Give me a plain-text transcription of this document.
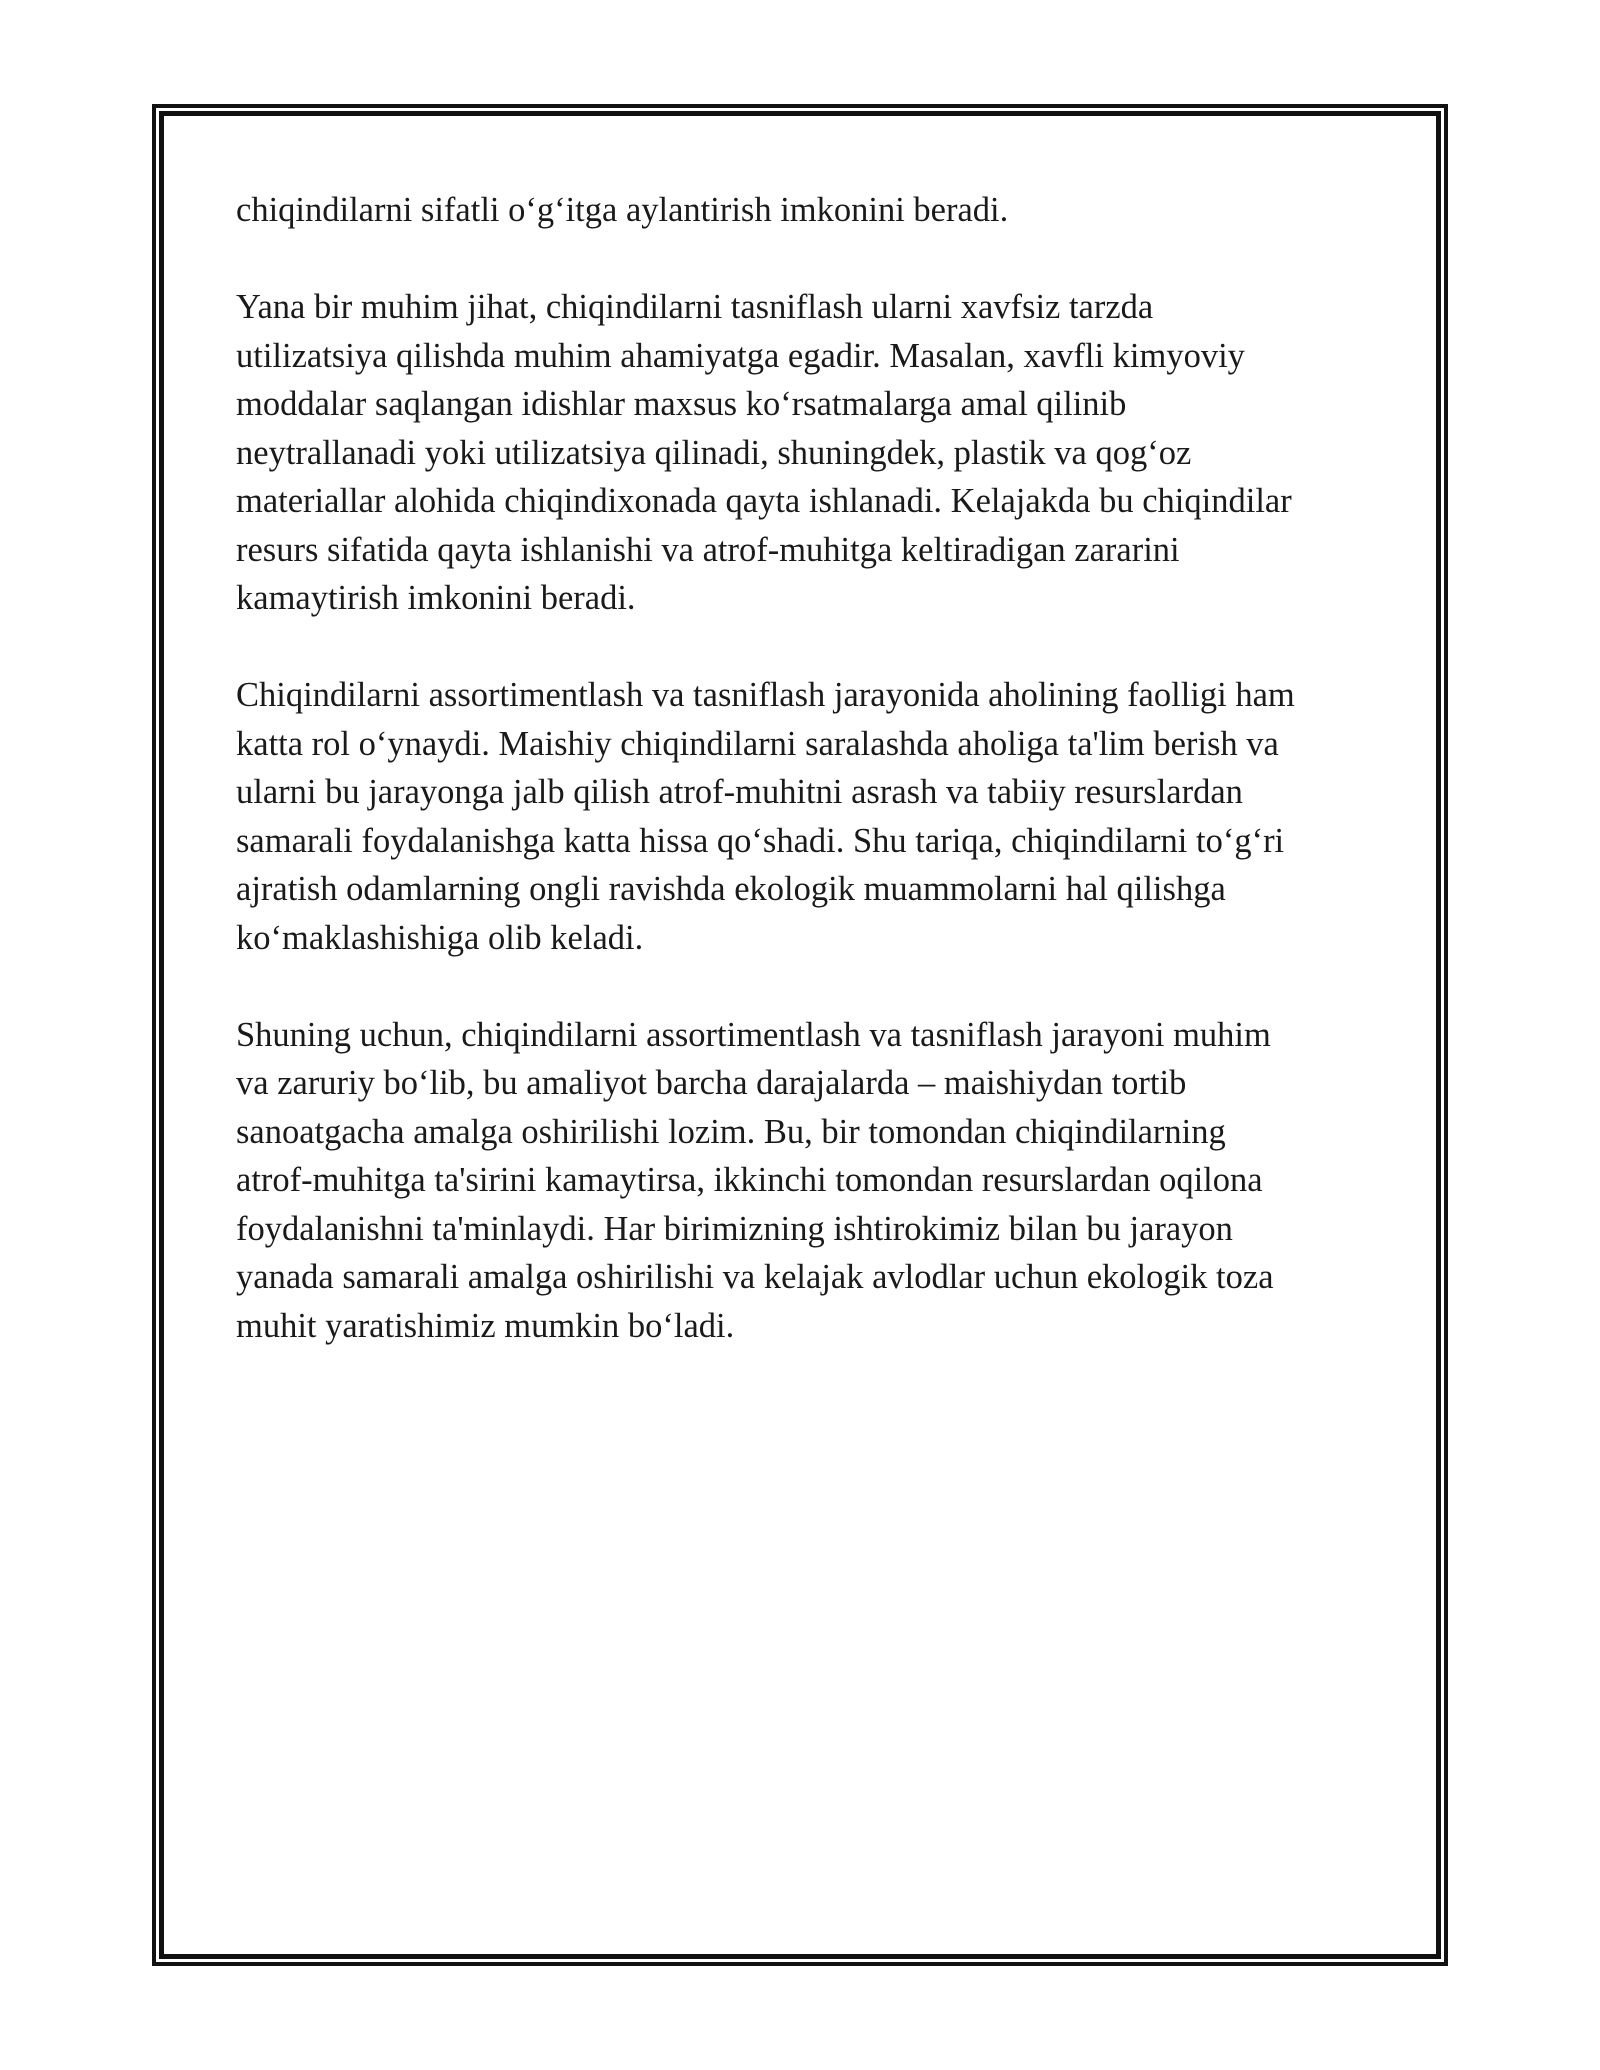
chiqindilarni sifatli o‘g‘itga aylantirish imkonini beradi.

Yana bir muhim jihat, chiqindilarni tasniflash ularni xavfsiz tarzda
utilizatsiya qilishda muhim ahamiyatga egadir. Masalan, xavfli kimyoviy
moddalar saqlangan idishlar maxsus ko‘rsatmalarga amal qilinib
neytrallanadi yoki utilizatsiya qilinadi, shuningdek, plastik va qog‘oz
materiallar alohida chiqindixonada qayta ishlanadi. Kelajakda bu chiqindilar
resurs sifatida qayta ishlanishi va atrof-muhitga keltiradigan zararini
kamaytirish imkonini beradi.

Chiqindilarni assortimentlash va tasniflash jarayonida aholining faolligi ham
katta rol o‘ynaydi. Maishiy chiqindilarni saralashda aholiga ta'lim berish va
ularni bu jarayonga jalb qilish atrof-muhitni asrash va tabiiy resurslardan
samarali foydalanishga katta hissa qo‘shadi. Shu tariqa, chiqindilarni to‘g‘ri
ajratish odamlarning ongli ravishda ekologik muammolarni hal qilishga
ko‘maklashishiga olib keladi.

Shuning uchun, chiqindilarni assortimentlash va tasniflash jarayoni muhim
va zaruriy bo‘lib, bu amaliyot barcha darajalarda – maishiydan tortib
sanoatgacha amalga oshirilishi lozim. Bu, bir tomondan chiqindilarning
atrof-muhitga ta'sirini kamaytirsa, ikkinchi tomondan resurslardan oqilona
foydalanishni ta'minlaydi. Har birimizning ishtirokimiz bilan bu jarayon
yanada samarali amalga oshirilishi va kelajak avlodlar uchun ekologik toza
muhit yaratishimiz mumkin bo‘ladi.
